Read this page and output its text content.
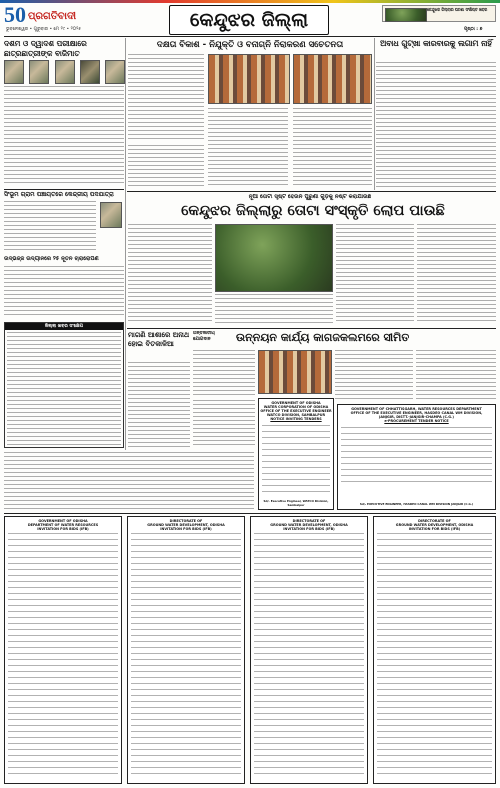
50 ପ୍ରଗତିବାଦୀ
ଭୁବନେଶ୍ୱର • ଗୁରୁବାର • ମେ ୨୯ • ୨୦୨୫	କେନ୍ଦୁଝର ଜିଲ୍ଲା	କେନ୍ଦୁଝର ଜିଲ୍ଲାର ଘଟଣା ସଂକ୍ଷିପ୍ତ ଖବର
ପୃଷ୍ଠା : ୭
ଦଶମ ଓ ଦ୍ୱାଦଶ ପରୀକ୍ଷାରେ ଛାତ୍ରଛାତ୍ରୀଙ୍କ ବାଜିମାତ
ସିଂଭୂମ ଗ୍ରାମ ପଞ୍ଚାୟତରେ କେନ୍ଦ୍ରୀୟ ପଦଯାତ୍ରା
ଉଦ୍ଭିଜ୍ଜ ଉଦ୍ୟାନରେ ୨୫ ନୂତନ ଚାରାରୋପଣ
ଜିଲ୍ଲା ଖବର ସଂକ୍ଷେପ
ଦକ୍ଷତା ବିକାଶ - ନିଯୁକ୍ତି ଓ ବନାଗ୍ନି ନିରାକରଣ ସଚେତନତା	ଅବାଧ ଗୁଟ୍‌ଖା କାରବାରକୁ ଲଗାମ ନାହିଁ
ନୂଆ ତୋଟା ସୃଷ୍ଟି ହେଉନି ପୁରୁଣା ଗୁଡ଼ିକୁ ନଷ୍ଟ କରାଯାଉଛି
କେନ୍ଦୁଝର ଜିଲ୍ଲାରୁ ତୋଟା ସଂସ୍କୃତି ଲୋପ ପାଉଛି
ମାଗଣି ଆଶାରେ ଅନାଥ ହୋଇ ବିତକାଳିଆ
ଅନ୍ତର୍ଜାତୀୟ ଯୋଗଦାନ	ଉନ୍ନୟନ କାର୍ଯ୍ୟ କାଗଜକଲମରେ ସୀମିତ
GOVERNMENT OF ODISHA
WATER CORPORATION OF ODISHA
OFFICE OF THE EXECUTIVE ENGINEER
WATCO DIVISION, SAMBALPUR
NOTICE INVITING TENDERS
Sd/- Executive Engineer, WATCO Division, Sambalpur
GOVERNMENT OF CHHATTISGARH, WATER RESOURCES DEPARTMENT
OFFICE OF THE EXECUTIVE ENGINEER, HASDEO CANAL WM DIVISION,
JANJGIR, DISTT.-JANJGIR-CHAMPA (C.G.)
e-PROCUREMENT TENDER NOTICE
Sd/- EXECUTIVE ENGINEER, HASDEO CANAL WM DIVISION JANJGIR (C.G.)
GOVERNMENT OF ODISHA
DEPARTMENT OF WATER RESOURCES
INVITATION FOR BIDS (IFB)
DIRECTORATE OF
GROUND WATER DEVELOPMENT, ODISHA
INVITATION FOR BIDS (IFB)
DIRECTORATE OF
GROUND WATER DEVELOPMENT, ODISHA
INVITATION FOR BIDS (IFB)
DIRECTORATE OF
GROUND WATER DEVELOPMENT, ODISHA
INVITATION FOR BIDS (IFB)
